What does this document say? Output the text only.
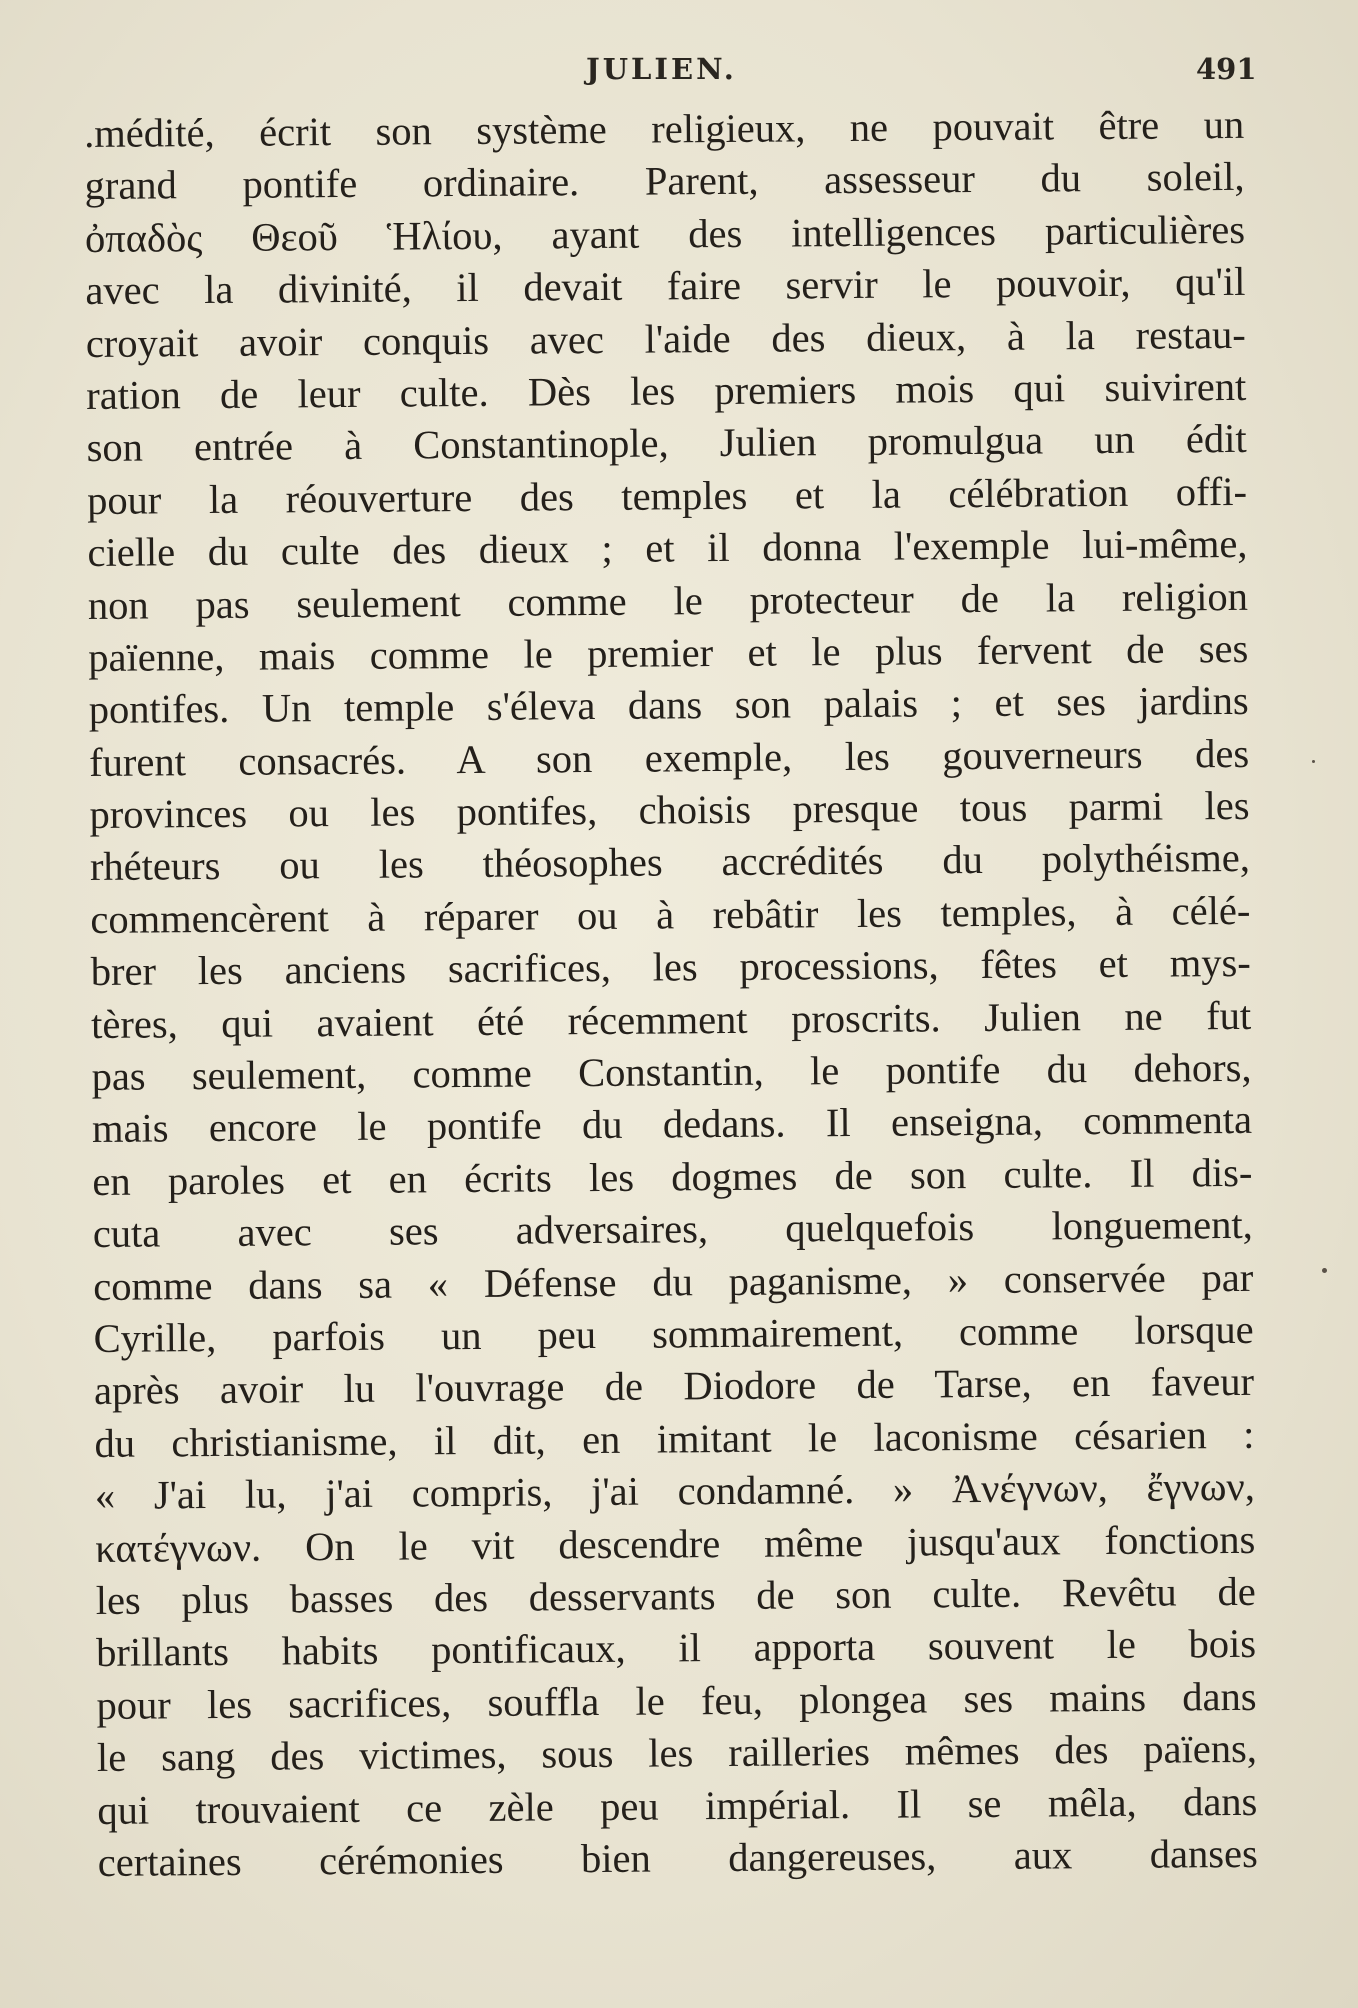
JULIEN.	491
.médité, écrit son système religieux, ne pouvait être un
grand pontife ordinaire. Parent, assesseur du soleil,
ὀπαδὸς Θεοῦ Ἡλίου, ayant des intelligences particulières
avec la divinité, il devait faire servir le pouvoir, qu'il
croyait avoir conquis avec l'aide des dieux, à la restau-
ration de leur culte. Dès les premiers mois qui suivirent
son entrée à Constantinople, Julien promulgua un édit
pour la réouverture des temples et la célébration offi-
cielle du culte des dieux ; et il donna l'exemple lui-même,
non pas seulement comme le protecteur de la religion
païenne, mais comme le premier et le plus fervent de ses
pontifes. Un temple s'éleva dans son palais ; et ses jardins
furent consacrés. A son exemple, les gouverneurs des
provinces ou les pontifes, choisis presque tous parmi les
rhéteurs ou les théosophes accrédités du polythéisme,
commencèrent à réparer ou à rebâtir les temples, à célé-
brer les anciens sacrifices, les processions, fêtes et mys-
tères, qui avaient été récemment proscrits. Julien ne fut
pas seulement, comme Constantin, le pontife du dehors,
mais encore le pontife du dedans. Il enseigna, commenta
en paroles et en écrits les dogmes de son culte. Il dis-
cuta avec ses adversaires, quelquefois longuement,
comme dans sa « Défense du paganisme, » conservée par
Cyrille, parfois un peu sommairement, comme lorsque
après avoir lu l'ouvrage de Diodore de Tarse, en faveur
du christianisme, il dit, en imitant le laconisme césarien :
« J'ai lu, j'ai compris, j'ai condamné. » Ἀνέγνων, ἔγνων,
κατέγνων. On le vit descendre même jusqu'aux fonctions
les plus basses des desservants de son culte. Revêtu de
brillants habits pontificaux, il apporta souvent le bois
pour les sacrifices, souffla le feu, plongea ses mains dans
le sang des victimes, sous les railleries mêmes des païens,
qui trouvaient ce zèle peu impérial. Il se mêla, dans
certaines cérémonies bien dangereuses, aux danses
